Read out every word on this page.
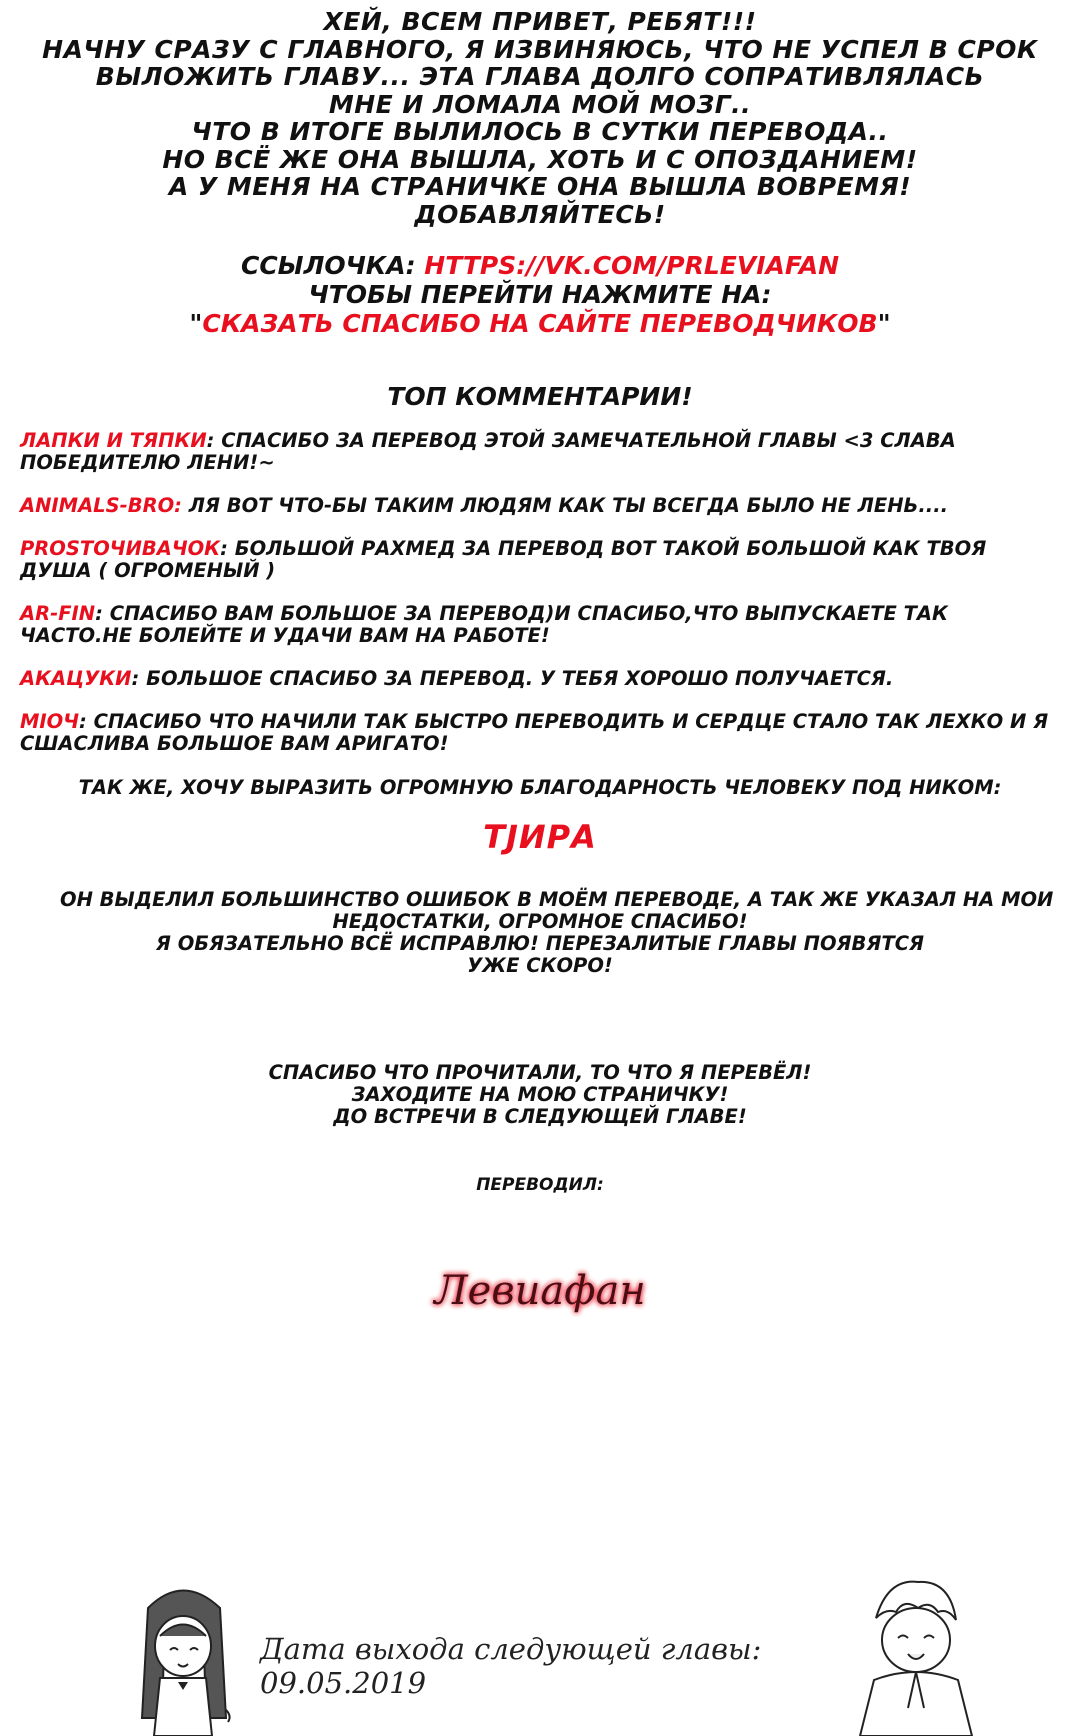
ХЕЙ, ВСЕМ ПРИВЕТ, РЕБЯТ!!!
НАЧНУ СРАЗУ С ГЛАВНОГО, Я ИЗВИНЯЮСЬ, ЧТО НЕ УСПЕЛ В СРОК
ВЫЛОЖИТЬ ГЛАВУ... ЭТА ГЛАВА ДОЛГО СОПРАТИВЛЯЛАСЬ
МНЕ И ЛОМАЛА МОЙ МОЗГ..
ЧТО В ИТОГЕ ВЫЛИЛОСЬ В СУТКИ ПЕРЕВОДА..
НО ВСЁ ЖЕ ОНА ВЫШЛА, ХОТЬ И С ОПОЗДАНИЕМ!
А У МЕНЯ НА СТРАНИЧКЕ ОНА ВЫШЛА ВОВРЕМЯ!
ДОБАВЛЯЙТЕСЬ!
ССЫЛОЧКА: HTTPS://VK.COM/PRLEVIAFAN
ЧТОБЫ ПЕРЕЙТИ НАЖМИТЕ НА:
"СКАЗАТЬ СПАСИБО НА САЙТЕ ПЕРЕВОДЧИКОВ"
ТОП КОММЕНТАРИИ!
ЛАПКИ И ТЯПКИ: СПАСИБО ЗА ПЕРЕВОД ЭТОЙ ЗАМЕЧАТЕЛЬНОЙ ГЛАВЫ <3 СЛАВА ПОБЕДИТЕЛЮ ЛЕНИ!~
ANIMALS-BRO: ЛЯ ВОТ ЧТО-БЫ ТАКИМ ЛЮДЯМ КАК ТЫ ВСЕГДА БЫЛО НЕ ЛЕНЬ....
PROSTOЧИВАЧОК: БОЛЬШОЙ РАХМЕД ЗА ПЕРЕВОД ВОТ ТАКОЙ БОЛЬШОЙ КАК ТВОЯ ДУША ( ОГРОМЕНЫЙ )
AR-FIN: СПАСИБО ВАМ БОЛЬШОЕ ЗА ПЕРЕВОД)И СПАСИБО,ЧТО ВЫПУСКАЕТЕ ТАК ЧАСТО.НЕ БОЛЕЙТЕ И УДАЧИ ВАМ НА РАБОТЕ!
АКАЦУКИ: БОЛЬШОЕ СПАСИБО ЗА ПЕРЕВОД. У ТЕБЯ ХОРОШО ПОЛУЧАЕТСЯ.
MIОЧ: СПАСИБО ЧТО НАЧИЛИ ТАК БЫСТРО ПЕРЕВОДИТЬ И СЕРДЦЕ СТАЛО ТАК ЛЕХКО И Я СШАСЛИВА БОЛЬШОЕ ВАМ АРИГАТО!
ТАК ЖЕ, ХОЧУ ВЫРАЗИТЬ ОГРОМНУЮ БЛАГОДАРНОСТЬ ЧЕЛОВЕКУ ПОД НИКОМ:
TJИРА
ОН ВЫДЕЛИЛ БОЛЬШИНСТВО ОШИБОК В МОЁМ ПЕРЕВОДЕ, А ТАК ЖЕ УКАЗАЛ НА МОИ
НЕДОСТАТКИ, ОГРОМНОЕ СПАСИБО!
Я ОБЯЗАТЕЛЬНО ВСЁ ИСПРАВЛЮ! ПЕРЕЗАЛИТЫЕ ГЛАВЫ ПОЯВЯТСЯ
УЖЕ СКОРО!
СПАСИБО ЧТО ПРОЧИТАЛИ, ТО ЧТО Я ПЕРЕВЁЛ!
ЗАХОДИТЕ НА МОЮ СТРАНИЧКУ!
ДО ВСТРЕЧИ В СЛЕДУЮЩЕЙ ГЛАВЕ!
ПЕРЕВОДИЛ:
Левиафан
Дата выхода следующей главы: 09.05.2019
